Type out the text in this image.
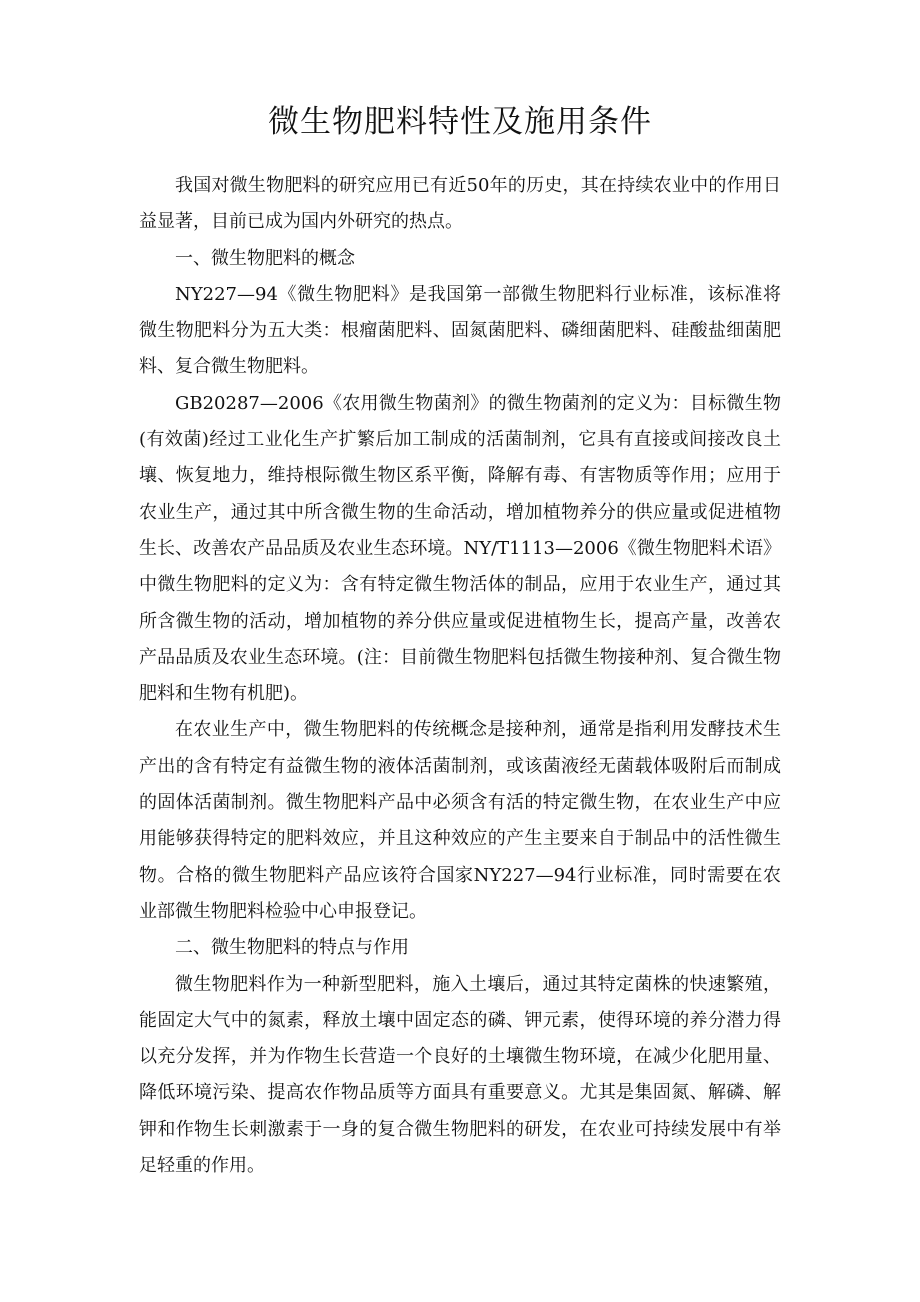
微生物肥料特性及施用条件

我国对微生物肥料的研究应用已有近50年的历史，其在持续农业中的作用日益显著，目前已成为国内外研究的热点。

一、微生物肥料的概念

NY227—94《微生物肥料》是我国第一部微生物肥料行业标准，该标准将微生物肥料分为五大类：根瘤菌肥料、固氮菌肥料、磷细菌肥料、硅酸盐细菌肥料、复合微生物肥料。

GB20287—2006《农用微生物菌剂》的微生物菌剂的定义为：目标微生物(有效菌)经过工业化生产扩繁后加工制成的活菌制剂，它具有直接或间接改良土壤、恢复地力，维持根际微生物区系平衡，降解有毒、有害物质等作用；应用于农业生产，通过其中所含微生物的生命活动，增加植物养分的供应量或促进植物生长、改善农产品品质及农业生态环境。NY/T1113—2006《微生物肥料术语》中微生物肥料的定义为：含有特定微生物活体的制品，应用于农业生产，通过其所含微生物的活动，增加植物的养分供应量或促进植物生长，提高产量，改善农产品品质及农业生态环境。(注：目前微生物肥料包括微生物接种剂、复合微生物肥料和生物有机肥)。

在农业生产中，微生物肥料的传统概念是接种剂，通常是指利用发酵技术生产出的含有特定有益微生物的液体活菌制剂，或该菌液经无菌载体吸附后而制成的固体活菌制剂。微生物肥料产品中必须含有活的特定微生物，在农业生产中应用能够获得特定的肥料效应，并且这种效应的产生主要来自于制品中的活性微生物。合格的微生物肥料产品应该符合国家NY227—94行业标准，同时需要在农业部微生物肥料检验中心申报登记。

二、微生物肥料的特点与作用

微生物肥料作为一种新型肥料，施入土壤后，通过其特定菌株的快速繁殖，能固定大气中的氮素，释放土壤中固定态的磷、钾元素，使得环境的养分潜力得以充分发挥，并为作物生长营造一个良好的土壤微生物环境，在减少化肥用量、降低环境污染、提高农作物品质等方面具有重要意义。尤其是集固氮、解磷、解钾和作物生长刺激素于一身的复合微生物肥料的研发，在农业可持续发展中有举足轻重的作用。
